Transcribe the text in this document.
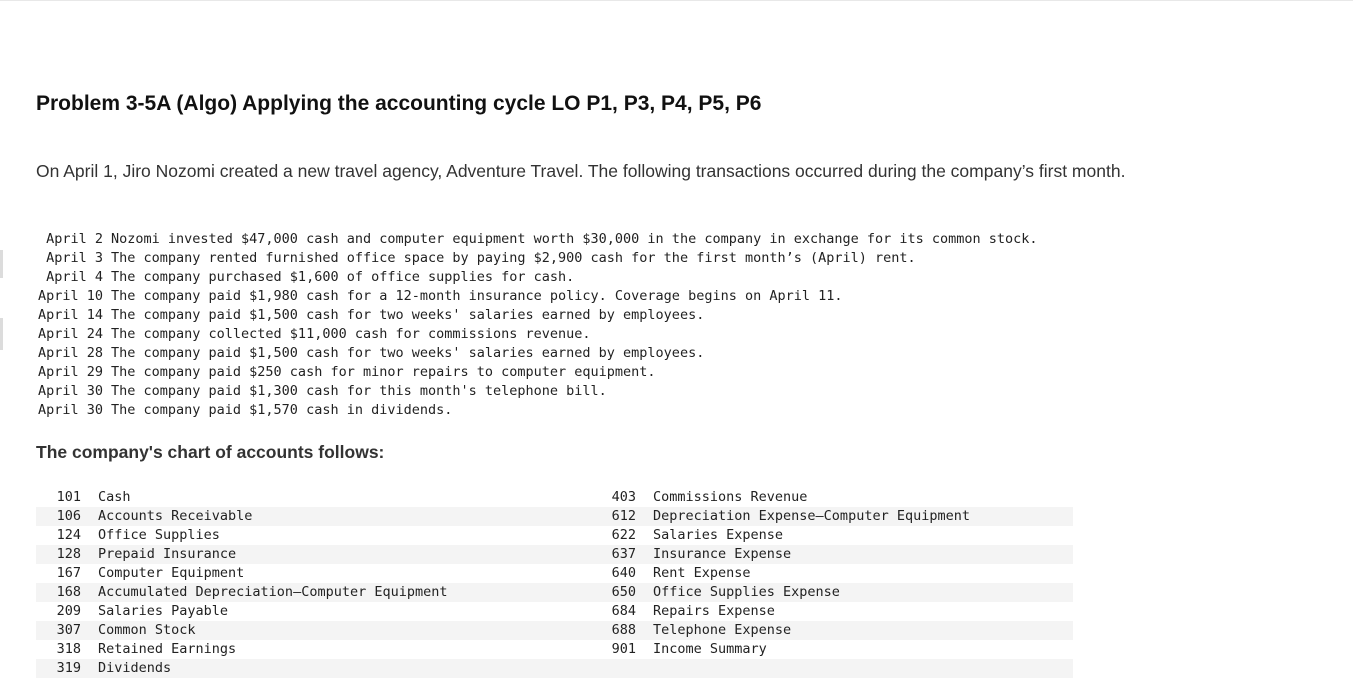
Problem 3-5A (Algo) Applying the accounting cycle LO P1, P3, P4, P5, P6

On April 1, Jiro Nozomi created a new travel agency, Adventure Travel. The following transactions occurred during the company’s first month.

April 2 Nozomi invested $47,000 cash and computer equipment worth $30,000 in the company in exchange for its common stock.
April 3 The company rented furnished office space by paying $2,900 cash for the first month’s (April) rent.
April 4 The company purchased $1,600 of office supplies for cash.
April 10 The company paid $1,980 cash for a 12-month insurance policy. Coverage begins on April 11.
April 14 The company paid $1,500 cash for two weeks' salaries earned by employees.
April 24 The company collected $11,000 cash for commissions revenue.
April 28 The company paid $1,500 cash for two weeks' salaries earned by employees.
April 29 The company paid $250 cash for minor repairs to computer equipment.
April 30 The company paid $1,300 cash for this month's telephone bill.
April 30 The company paid $1,570 cash in dividends.
The company's chart of accounts follows:
101	Cash	403	Commissions Revenue
106	Accounts Receivable	612	Depreciation Expense—Computer Equipment
124	Office Supplies	622	Salaries Expense
128	Prepaid Insurance	637	Insurance Expense
167	Computer Equipment	640	Rent Expense
168	Accumulated Depreciation—Computer Equipment	650	Office Supplies Expense
209	Salaries Payable	684	Repairs Expense
307	Common Stock	688	Telephone Expense
318	Retained Earnings	901	Income Summary
319	Dividends		
